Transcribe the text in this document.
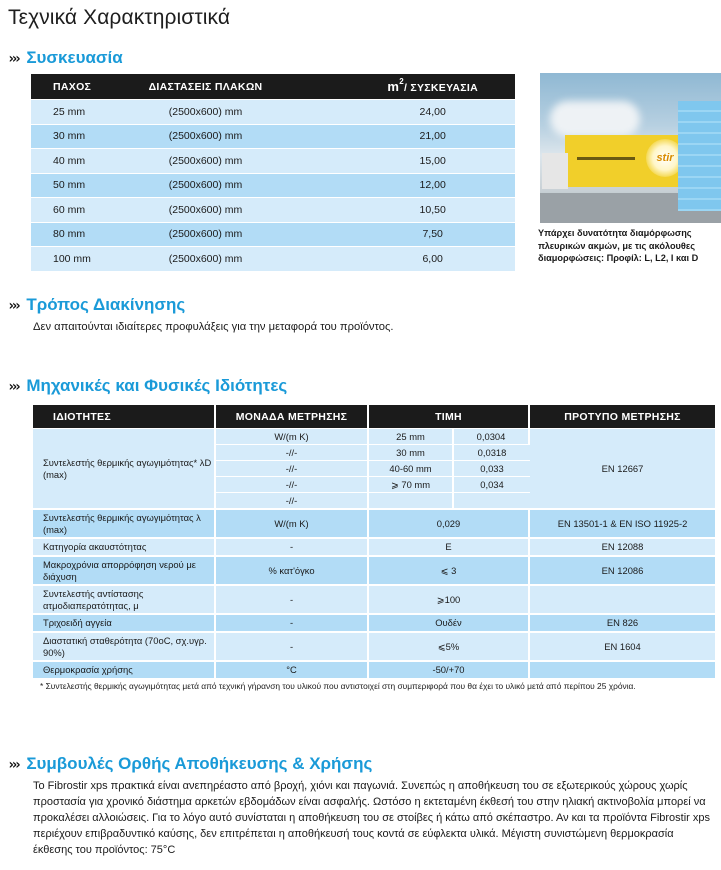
Τεχνικά Χαρακτηριστικά
››› Συσκευασία
ΠΑΧΟΣ	ΔΙΑΣΤΑΣΕΙΣ ΠΛΑΚΩΝ	$m^2/$ ΣΥΣΚΕΥΑΣΙΑ
25 mm	(2500x600) mm	24,00
30 mm	(2500x600) mm	21,00
40 mm	(2500x600) mm	15,00
50 mm	(2500x600) mm	12,00
60 mm	(2500x600) mm	10,50
80 mm	(2500x600) mm	7,50
100 mm	(2500x600) mm	6,00
stir
Υπάρχει δυνατότητα διαμόρφωσης πλευρικών ακμών, με τις ακόλουθες διαμορφώσεις: Προφίλ: L, L2, I και D
››› Τρόπος Διακίνησης

Δεν απαιτούνται ιδιαίτερες προφυλάξεις για την μεταφορά του προϊόντος.

››› Μηχανικές και Φυσικές Ιδιότητες
ΙΔΙΟΤΗΤΕΣ	ΜΟΝΑΔΑ ΜΕΤΡΗΣΗΣ	ΤΙΜΗ		ΠΡΟΤΥΠΟ ΜΕΤΡΗΣΗΣ
Συντελεστής θερμικής αγωγιμότητας* λD (max)	W/(m K)	25 mm	0,0304	EN 12667
	-//-	30 mm	0,0318	
	-//-	40-60 mm	0,033	
	-//-	⩾ 70 mm	0,034	
	-//-			
Συντελεστής θερμικής αγωγιμότητας λ (max)	W/(m K)	0,029		EN 13501-1 & EN ISO 11925-2
Κατηγορία ακαυστότητας	-	E		EN 12088
Μακροχρόνια απορρόφηση νερού με διάχυση	% κατ'όγκο	⩽ 3		EN 12086
Συντελεστής αντίστασης ατμοδιαπερατότητας, μ	-	⩾100		
Τριχοειδή αγγεία	-	Ουδέν		EN 826
Διαστατική σταθερότητα (70oC, σχ.υγρ. 90%)	-	⩽5%		EN 1604
Θερμοκρασία χρήσης	°C	-50/+70		
* Συντελεστής θερμικής αγωγιμότητας μετά από τεχνική γήρανση του υλικού που αντιστοιχεί στη συμπεριφορά που θα έχει το υλικό μετά από περίπου 25 χρόνια.
››› Συμβουλές Ορθής Αποθήκευσης & Χρήσης

Το Fibrostir xps πρακτικά είναι ανεπηρέαστο από βροχή, χιόνι και παγωνιά. Συνεπώς η αποθήκευση του σε εξωτερικούς χώρους χωρίς προστασία για χρονικό διάστημα αρκετών εβδομάδων είναι ασφαλής. Ωστόσο η εκτεταμένη έκθεσή του στην ηλιακή ακτινοβολία μπορεί να προκαλέσει αλλοιώσεις. Για το λόγο αυτό συνίσταται η αποθήκευση του σε στοίβες ή κάτω από σκέπαστρο. Αν και τα προϊόντα Fibrostir xps περιέχουν επιβραδυντικό καύσης, δεν επιτρέπεται η αποθήκευσή τους κοντά σε εύφλεκτα υλικά. Μέγιστη συνιστώμενη θερμοκρασία έκθεσης του προϊόντος: 75°C
